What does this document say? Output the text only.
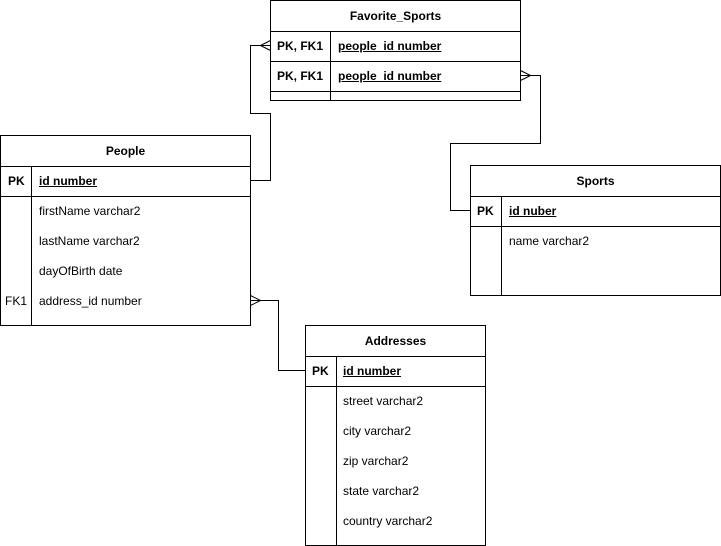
Favorite_Sports
PK, FK1 people_id number
PK, FK1 people_id number
People
PK id number
firstName varchar2
lastName varchar2
dayOfBirth date
FK1 address_id number
Sports
PK id nuber
name varchar2
Addresses
PK id number
street varchar2
city varchar2
zip varchar2
state varchar2
country varchar2
